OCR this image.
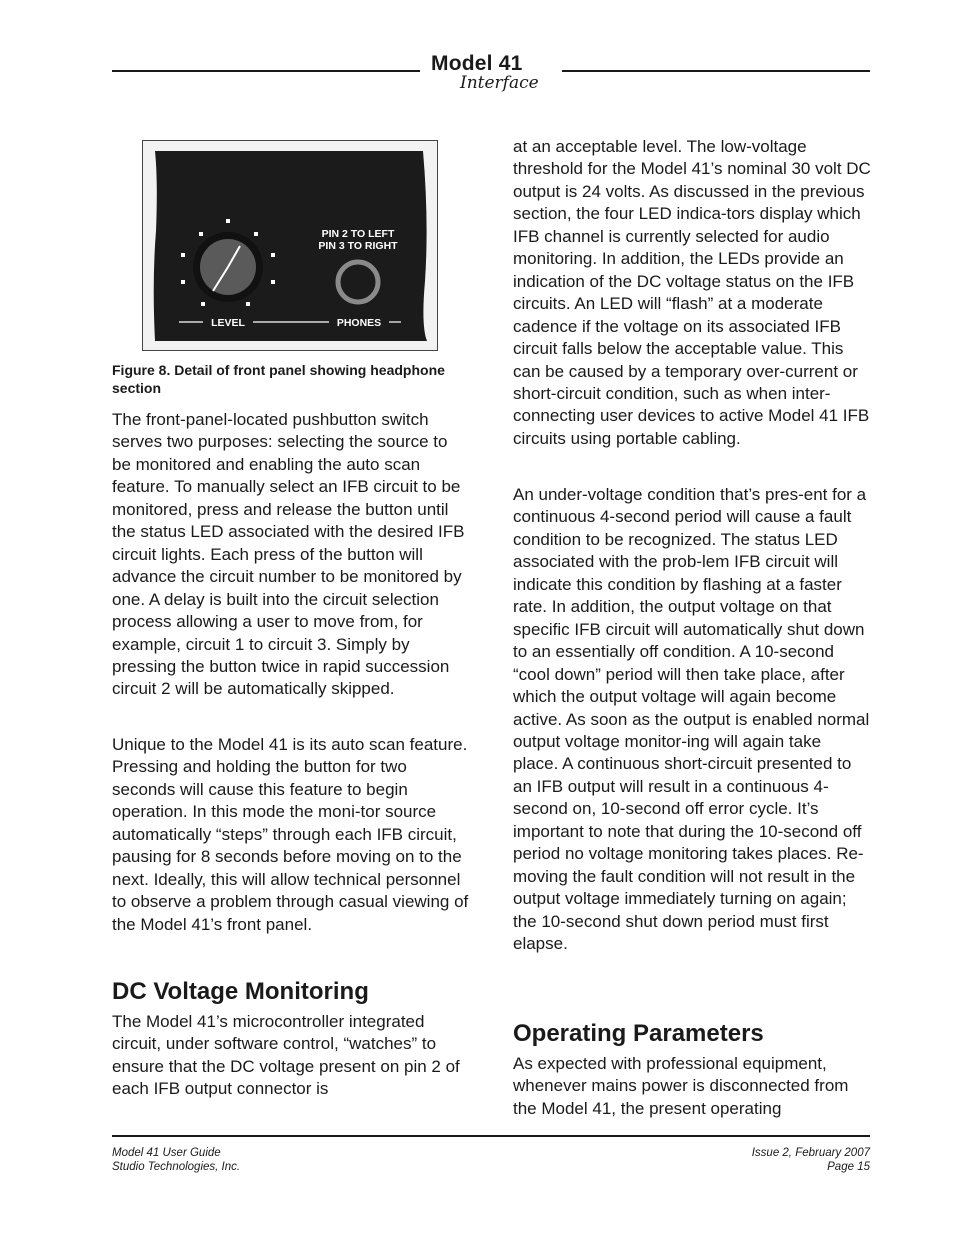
Model 41
Interface
PIN 2 TO LEFT
PIN 3 TO RIGHT
LEVEL	PHONES
Figure 8. Detail of front panel showing headphone section

The front-panel-located pushbutton switch serves two purposes: selecting the source to be monitored and enabling the auto scan feature. To manually select an IFB circuit to be monitored, press and release the button until the status LED associated with the desired IFB circuit lights. Each press of the button will advance the circuit number to be monitored by one. A delay is built into the circuit selection process allowing a user to move from, for example, circuit 1 to circuit 3. Simply by pressing the button twice in rapid succession circuit 2 will be automatically skipped.

Unique to the Model 41 is its auto scan feature. Pressing and holding the button for two seconds will cause this feature to begin operation. In this mode the moni-tor source automatically “steps” through each IFB circuit, pausing for 8 seconds before moving on to the next. Ideally, this will allow technical personnel to observe a problem through casual viewing of the Model 41’s front panel.

DC Voltage Monitoring

The Model 41’s microcontroller integrated circuit, under software control, “watches” to ensure that the DC voltage present on pin 2 of each IFB output connector is

at an acceptable level. The low-voltage threshold for the Model 41’s nominal 30 volt DC output is 24 volts. As discussed in the previous section, the four LED indica-tors display which IFB channel is currently selected for audio monitoring. In addition, the LEDs provide an indication of the DC voltage status on the IFB circuits. An LED will “flash” at a moderate cadence if the voltage on its associated IFB circuit falls below the acceptable value. This can be caused by a temporary over-current or short-circuit condition, such as when inter-connecting user devices to active Model 41 IFB circuits using portable cabling.

An under-voltage condition that’s pres-ent for a continuous 4-second period will cause a fault condition to be recognized. The status LED associated with the prob-lem IFB circuit will indicate this condition by flashing at a faster rate. In addition, the output voltage on that specific IFB circuit will automatically shut down to an essentially off condition. A 10-second “cool down” period will then take place, after which the output voltage will again become active. As soon as the output is enabled normal output voltage monitor-ing will again take place. A continuous short-circuit presented to an IFB output will result in a continuous 4-second on, 10-second off error cycle. It’s important to note that during the 10-second off period no voltage monitoring takes places. Re-moving the fault condition will not result in the output voltage immediately turning on again; the 10-second shut down period must first elapse.

Operating Parameters

As expected with professional equipment, whenever mains power is disconnected from the Model 41, the present operating

Model 41 User Guide
Studio Technologies, Inc.
Issue 2, February 2007
Page 15
